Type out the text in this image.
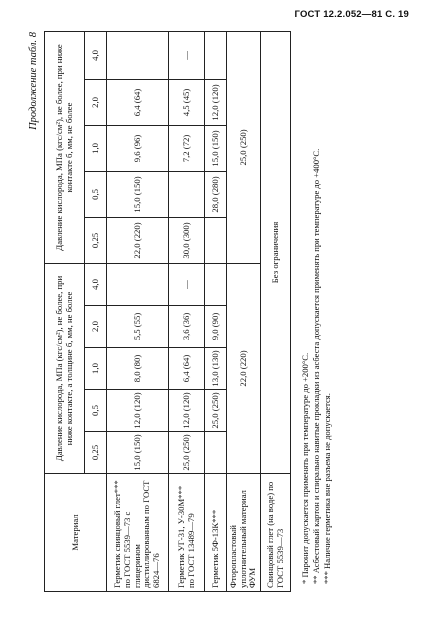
ГОСТ 12.2.052—81 С. 19
Продолжение табл. 8
Материал	Давление кислорода, МПа (кгс/см²), не более, при ниже контакте, а толщине б, мм, не более					Давление кислорода, МПа (кгс/см²), не более, при ниже контакте б, мм, не более				
	0,25	0,5	1,0	2,0	4,0	0,25	0,5	1,0	2,0	4,0
Герметик свинцовый глет*** по ГОСТ 5539—73 с глицерином дистиллированным по ГОСТ 6824—76	15,0 (150)	12,0 (120)	8,0 (80)	5,5 (55)		22,0 (220)	15,0 (150)	9,6 (96)	6,4 (64)	
Герметик УГ-31, У-30М*** по ГОСТ 13489—79	25,0 (250)	12,0 (120)	6,4 (64)	3,6 (36)	—	30,0 (300)		7,2 (72)	4,5 (45)	—
Герметик 5Ф-13К***		25,0 (250)	13,0 (130)	9,0 (90)			28,0 (280)	15,0 (150)	12,0 (120)	
Фторопластовый уплотнительный материал ФУМ	22,0 (220)					25,0 (250)				
Свинцовый глет (на воде) по ГОСТ 5539—73	Без ограничения									

* Паронит допускается применять при температуре до +200°С. ** Асбестовый картон и спирально навитые прокладки из асбеста допускается применять при температуре до +400°С. *** Наличие герметика вне разъема не допускается.
